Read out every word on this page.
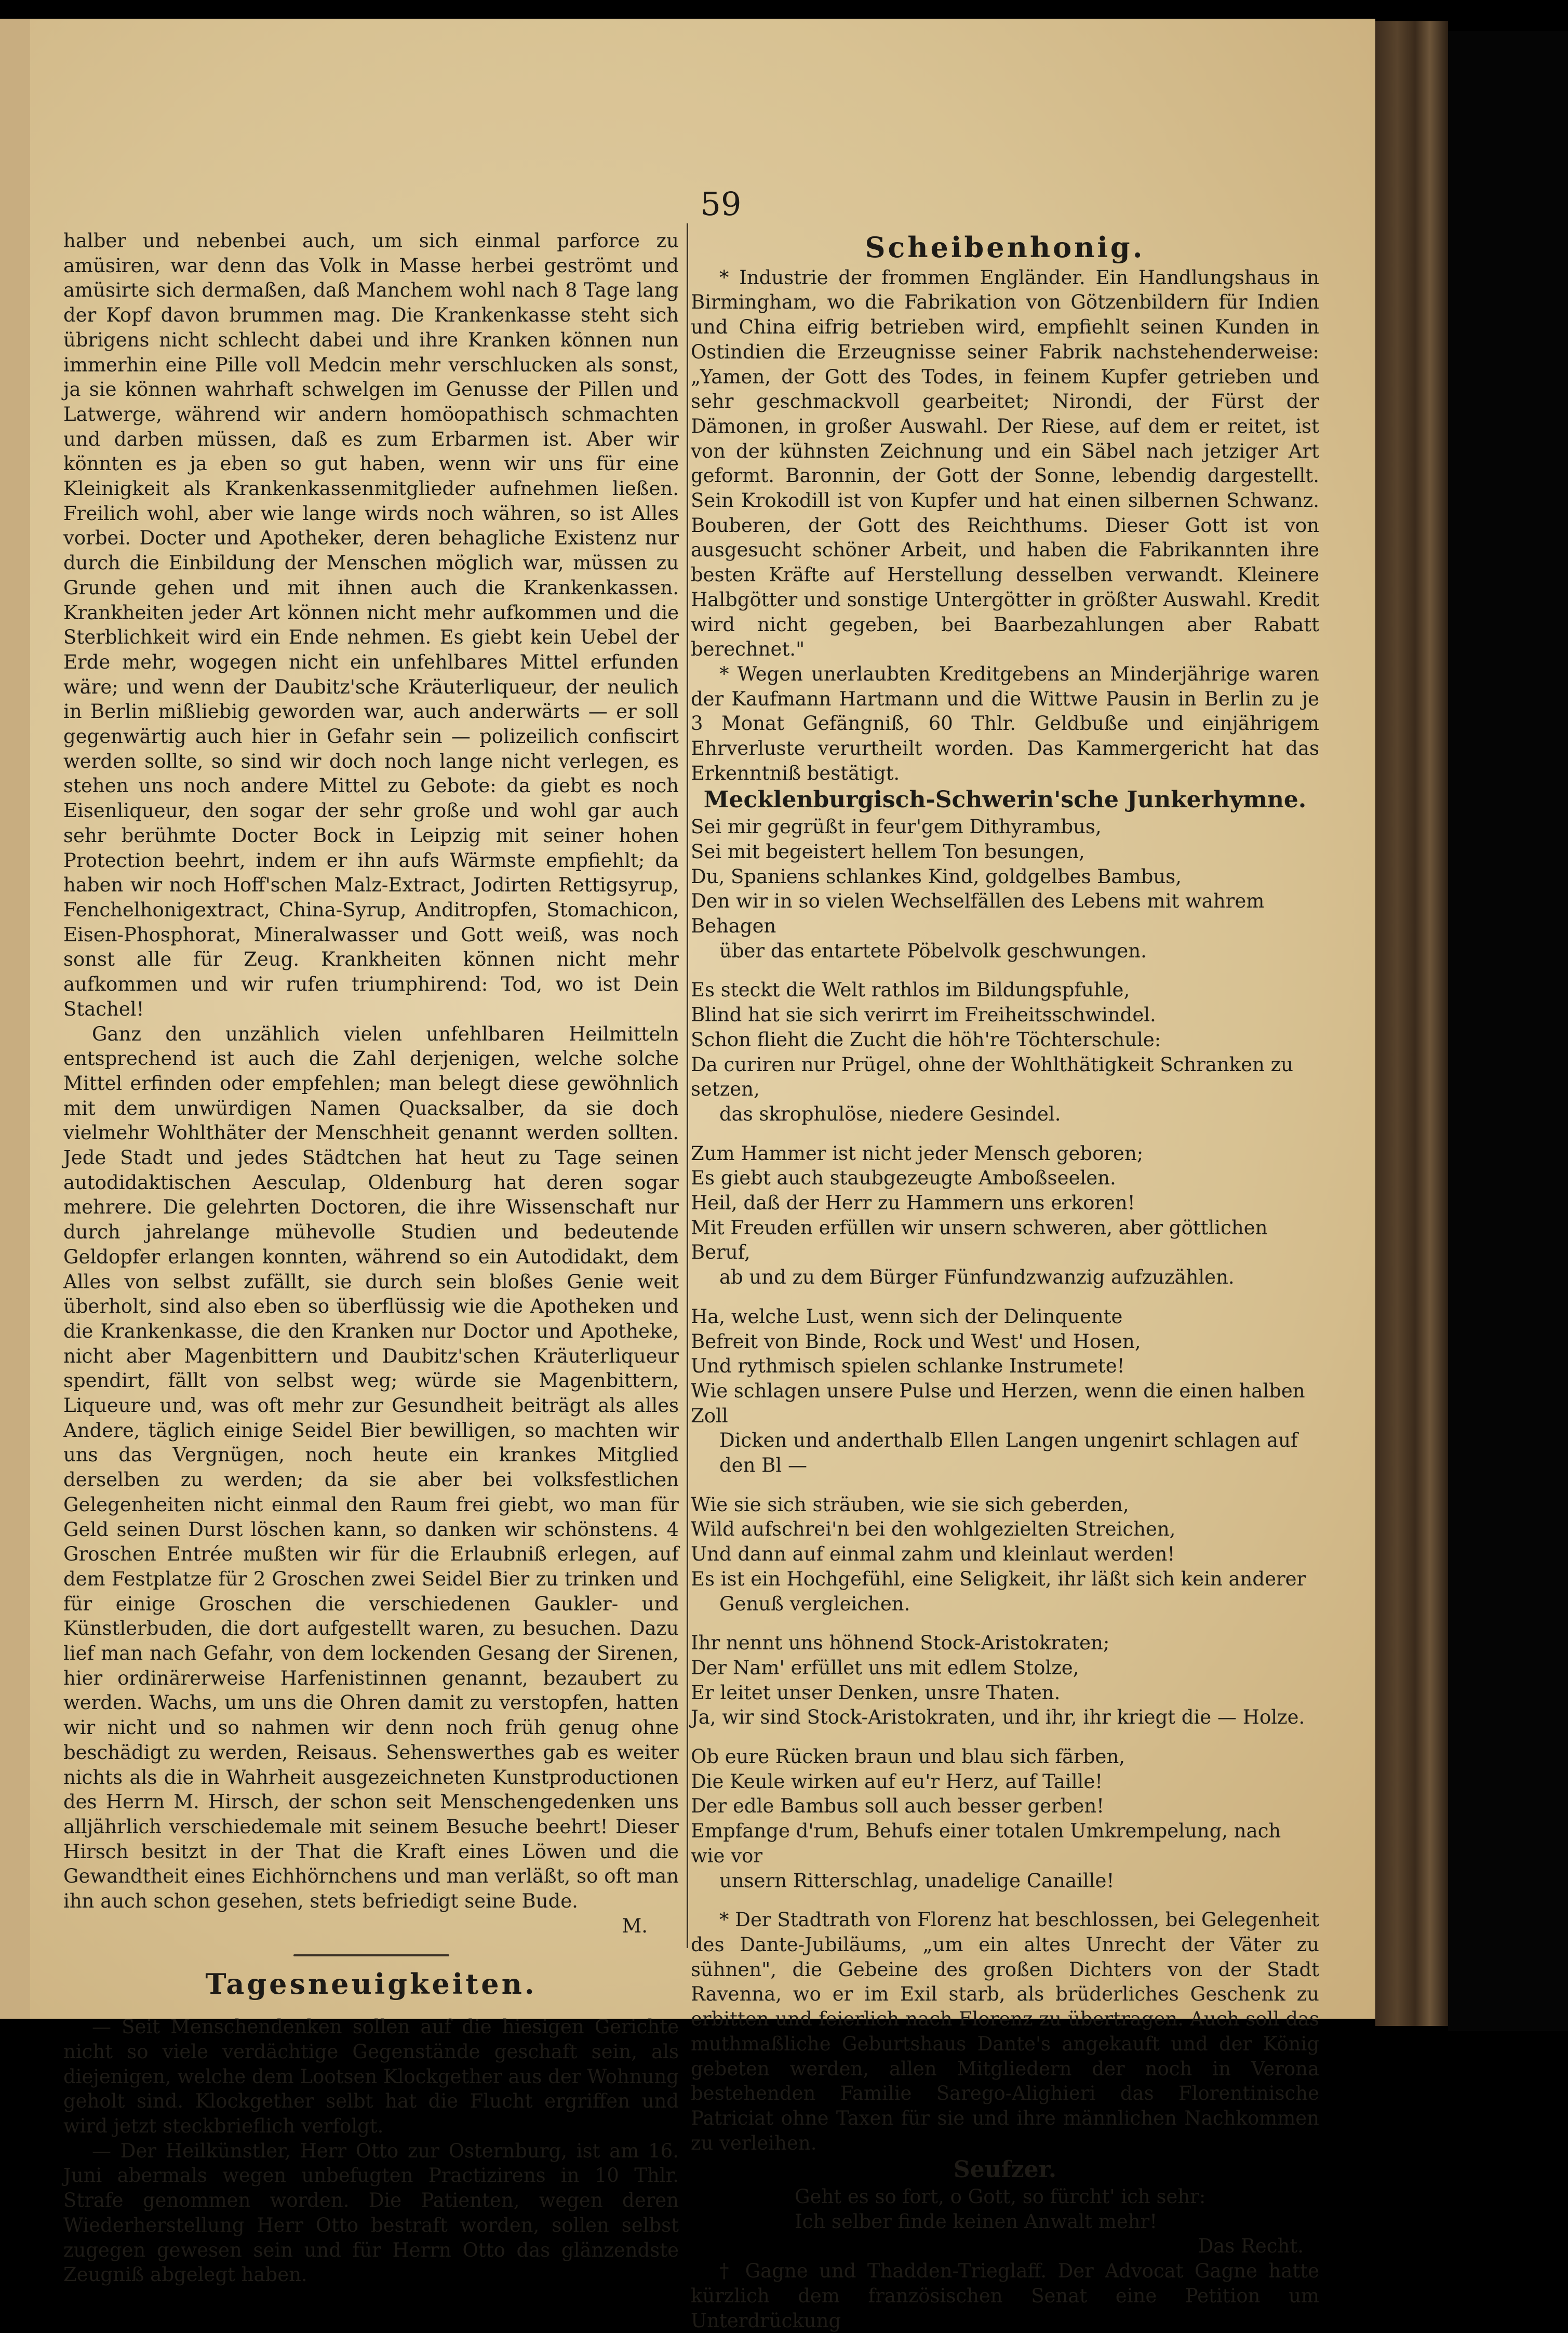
59

halber und nebenbei auch, um sich einmal parforce zu amüsiren, war denn das Volk in Masse herbei geströmt und amüsirte sich dermaßen, daß Manchem wohl nach 8 Tage lang der Kopf davon brummen mag. Die Krankenkasse steht sich übrigens nicht schlecht dabei und ihre Kranken können nun immerhin eine Pille voll Medcin mehr verschlucken als sonst, ja sie können wahrhaft schwelgen im Genusse der Pillen und Latwerge, während wir andern homöopathisch schmachten und darben müssen, daß es zum Erbarmen ist. Aber wir könnten es ja eben so gut haben, wenn wir uns für eine Kleinigkeit als Krankenkassenmitglieder aufnehmen ließen. Freilich wohl, aber wie lange wirds noch währen, so ist Alles vorbei. Docter und Apotheker, deren behagliche Existenz nur durch die Einbildung der Menschen möglich war, müssen zu Grunde gehen und mit ihnen auch die Krankenkassen. Krankheiten jeder Art können nicht mehr aufkommen und die Sterblichkeit wird ein Ende nehmen. Es giebt kein Uebel der Erde mehr, wogegen nicht ein unfehlbares Mittel erfunden wäre; und wenn der Daubitz'sche Kräuterliqueur, der neulich in Berlin mißliebig geworden war, auch anderwärts — er soll gegenwärtig auch hier in Gefahr sein — polizeilich confiscirt werden sollte, so sind wir doch noch lange nicht verlegen, es stehen uns noch andere Mittel zu Gebote: da giebt es noch Eisenliqueur, den sogar der sehr große und wohl gar auch sehr berühmte Docter Bock in Leipzig mit seiner hohen Protection beehrt, indem er ihn aufs Wärmste empfiehlt; da haben wir noch Hoff'schen Malz-Extract, Jodirten Rettigsyrup, Fenchelhonigextract, China-Syrup, Anditropfen, Stomachicon, Eisen-Phosphorat, Mineralwasser und Gott weiß, was noch sonst alle für Zeug. Krankheiten können nicht mehr aufkommen und wir rufen triumphirend: Tod, wo ist Dein Stachel!

Ganz den unzählich vielen unfehlbaren Heilmitteln entsprechend ist auch die Zahl derjenigen, welche solche Mittel erfinden oder empfehlen; man belegt diese gewöhnlich mit dem unwürdigen Namen Quacksalber, da sie doch vielmehr Wohlthäter der Menschheit genannt werden sollten. Jede Stadt und jedes Städtchen hat heut zu Tage seinen autodidaktischen Aesculap, Oldenburg hat deren sogar mehrere. Die gelehrten Doctoren, die ihre Wissenschaft nur durch jahrelange mühevolle Studien und bedeutende Geldopfer erlangen konnten, während so ein Autodidakt, dem Alles von selbst zufällt, sie durch sein bloßes Genie weit überholt, sind also eben so überflüssig wie die Apotheken und die Krankenkasse, die den Kranken nur Doctor und Apotheke, nicht aber Magenbittern und Daubitz'schen Kräuterliqueur spendirt, fällt von selbst weg; würde sie Magenbittern, Liqueure und, was oft mehr zur Gesundheit beiträgt als alles Andere, täglich einige Seidel Bier bewilligen, so machten wir uns das Vergnügen, noch heute ein krankes Mitglied derselben zu werden; da sie aber bei volksfestlichen Gelegenheiten nicht einmal den Raum frei giebt, wo man für Geld seinen Durst löschen kann, so danken wir schönstens. 4 Groschen Entrée mußten wir für die Erlaubniß erlegen, auf dem Festplatze für 2 Groschen zwei Seidel Bier zu trinken und für einige Groschen die verschiedenen Gaukler- und Künstlerbuden, die dort aufgestellt waren, zu besuchen. Dazu lief man nach Gefahr, von dem lockenden Gesang der Sirenen, hier ordinärerweise Harfenistinnen genannt, bezaubert zu werden. Wachs, um uns die Ohren damit zu verstopfen, hatten wir nicht und so nahmen wir denn noch früh genug ohne beschädigt zu werden, Reisaus. Sehenswerthes gab es weiter nichts als die in Wahrheit ausgezeichneten Kunstproductionen des Herrn M. Hirsch, der schon seit Menschengedenken uns alljährlich verschiedemale mit seinem Besuche beehrt! Dieser Hirsch besitzt in der That die Kraft eines Löwen und die Gewandtheit eines Eichhörnchens und man verläßt, so oft man ihn auch schon gesehen, stets befriedigt seine Bude.

M.

Tagesneuigkeiten.

— Seit Menschendenken sollen auf die hiesigen Gerichte nicht so viele verdächtige Gegenstände geschaft sein, als diejenigen, welche dem Lootsen Klockgether aus der Wohnung geholt sind. Klockgether selbt hat die Flucht ergriffen und wird jetzt steckbrieflich verfolgt.

— Der Heilkünstler, Herr Otto zur Osternburg, ist am 16. Juni abermals wegen unbefugten Practizirens in 10 Thlr. Strafe genommen worden. Die Patienten, wegen deren Wiederherstellung Herr Otto bestraft worden, sollen selbst zugegen gewesen sein und für Herrn Otto das glänzendste Zeugniß abgelegt haben.

Scheibenhonig.

* Industrie der frommen Engländer. Ein Handlungshaus in Birmingham, wo die Fabrikation von Götzenbildern für Indien und China eifrig betrieben wird, empfiehlt seinen Kunden in Ostindien die Erzeugnisse seiner Fabrik nachstehenderweise: „Yamen, der Gott des Todes, in feinem Kupfer getrieben und sehr geschmackvoll gearbeitet; Nirondi, der Fürst der Dämonen, in großer Auswahl. Der Riese, auf dem er reitet, ist von der kühnsten Zeichnung und ein Säbel nach jetziger Art geformt. Baronnin, der Gott der Sonne, lebendig dargestellt. Sein Krokodill ist von Kupfer und hat einen silbernen Schwanz. Bouberen, der Gott des Reichthums. Dieser Gott ist von ausgesucht schöner Arbeit, und haben die Fabrikannten ihre besten Kräfte auf Herstellung desselben verwandt. Kleinere Halbgötter und sonstige Untergötter in größter Auswahl. Kredit wird nicht gegeben, bei Baarbezahlungen aber Rabatt berechnet."

* Wegen unerlaubten Kreditgebens an Minderjährige waren der Kaufmann Hartmann und die Wittwe Pausin in Berlin zu je 3 Monat Gefängniß, 60 Thlr. Geldbuße und einjährigem Ehrverluste verurtheilt worden. Das Kammergericht hat das Erkenntniß bestätigt.

Mecklenburgisch-Schwerin'sche Junkerhymne.

Sei mir gegrüßt in feur'gem Dithyrambus,

Sei mit begeistert hellem Ton besungen,

Du, Spaniens schlankes Kind, goldgelbes Bambus,

Den wir in so vielen Wechselfällen des Lebens mit wahrem Behagen

über das entartete Pöbelvolk geschwungen.

Es steckt die Welt rathlos im Bildungspfuhle,

Blind hat sie sich verirrt im Freiheitsschwindel.

Schon flieht die Zucht die höh're Töchterschule:

Da curiren nur Prügel, ohne der Wohlthätigkeit Schranken zu setzen,

das skrophulöse, niedere Gesindel.

Zum Hammer ist nicht jeder Mensch geboren;

Es giebt auch staubgezeugte Amboßseelen.

Heil, daß der Herr zu Hammern uns erkoren!

Mit Freuden erfüllen wir unsern schweren, aber göttlichen Beruf,

ab und zu dem Bürger Fünfundzwanzig aufzuzählen.

Ha, welche Lust, wenn sich der Delinquente

Befreit von Binde, Rock und West' und Hosen,

Und rythmisch spielen schlanke Instrumete!

Wie schlagen unsere Pulse und Herzen, wenn die einen halben Zoll

Dicken und anderthalb Ellen Langen ungenirt schlagen auf den Bl —

Wie sie sich sträuben, wie sie sich geberden,

Wild aufschrei'n bei den wohlgezielten Streichen,

Und dann auf einmal zahm und kleinlaut werden!

Es ist ein Hochgefühl, eine Seligkeit, ihr läßt sich kein anderer

Genuß vergleichen.

Ihr nennt uns höhnend Stock-Aristokraten;

Der Nam' erfüllet uns mit edlem Stolze,

Er leitet unser Denken, unsre Thaten.

Ja, wir sind Stock-Aristokraten, und ihr, ihr kriegt die — Holze.

Ob eure Rücken braun und blau sich färben,

Die Keule wirken auf eu'r Herz, auf Taille!

Der edle Bambus soll auch besser gerben!

Empfange d'rum, Behufs einer totalen Umkrempelung, nach wie vor

unsern Ritterschlag, unadelige Canaille!

* Der Stadtrath von Florenz hat beschlossen, bei Gelegenheit des Dante-Jubiläums, „um ein altes Unrecht der Väter zu sühnen", die Gebeine des großen Dichters von der Stadt Ravenna, wo er im Exil starb, als brüderliches Geschenk zu erbitten und feierlich nach Florenz zu übertragen. Auch soll das muthmaßliche Geburtshaus Dante's angekauft und der König gebeten werden, allen Mitgliedern der noch in Verona bestehenden Familie Sarego-Alighieri das Florentinische Patriciat ohne Taxen für sie und ihre männlichen Nachkommen zu verleihen.

Seufzer.

Geht es so fort, o Gott, so fürcht' ich sehr:

Ich selber finde keinen Anwalt mehr!

Das Recht.

† Gagne und Thadden-Trieglaff. Der Advocat Gagne hatte kürzlich dem französischen Senat eine Petition um Unterdrückung
